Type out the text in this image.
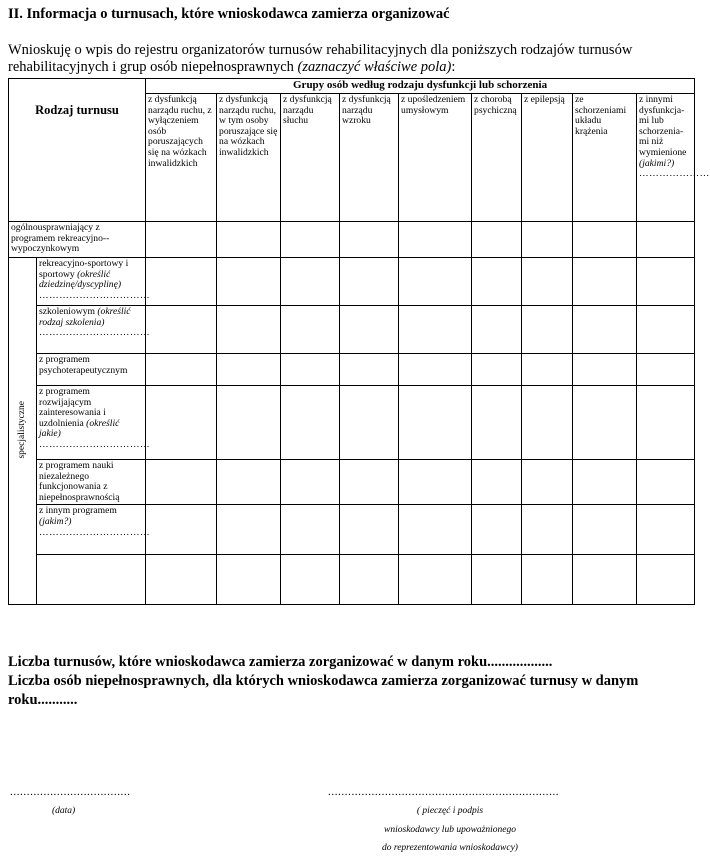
II. Informacja o turnusach, które wnioskodawca zamierza organizować
Wnioskuję o wpis do rejestru organizatorów turnusów rehabilitacyjnych dla poniższych rodzajów turnusów rehabilitacyjnych i grup osób niepełnosprawnych (zaznaczyć właściwe pola):
Rodzaj turnusu		Grupy osób według rodzaju dysfunkcji lub schorzenia								
		z dysfunkcją narządu ruchu, z wyłączeniem osób poruszających się na wózkach inwalidzkich	z dysfunkcją narządu ruchu, w tym osoby poruszające się na wózkach inwalidzkich	z dysfunkcją narządu słuchu	z dysfunkcją narządu wzroku	z upośledzeniem umysłowym	z chorobą psychiczną	z epilepsją	ze schorzeniami układu krążenia	z innymi dysfunkcja-mi lub schorzenia-mi niż wymienione
(jakimi?)
…………………

ogólnousprawniający z programem rekreacyjno--wypoczynkowym										
specjalistyczne	rekreacyjno-sportowy i sportowy (określić dziedzinę/dyscyplinę)
……………………………									

	szkoleniowym (określić rodzaj szkolenia)
……………………………									

	z programem psychoterapeutycznym									
	z programem rozwijającym zainteresowania i uzdolnienia (określić jakie)
……………………………									

	z programem nauki niezależnego funkcjonowania z niepełnosprawnością									
	z innym programem (jakim?)
……………………………									

Liczba turnusów, które wnioskodawca zamierza zorganizować w danym roku..................
Liczba osób niepełnosprawnych, dla których wnioskodawca zamierza zorganizować turnusy w danym roku...........
....................................	.....................................................................
(data)	( pieczęć i podpis
wnioskodawcy lub upoważnionego
do reprezentowania wnioskodawcy)
